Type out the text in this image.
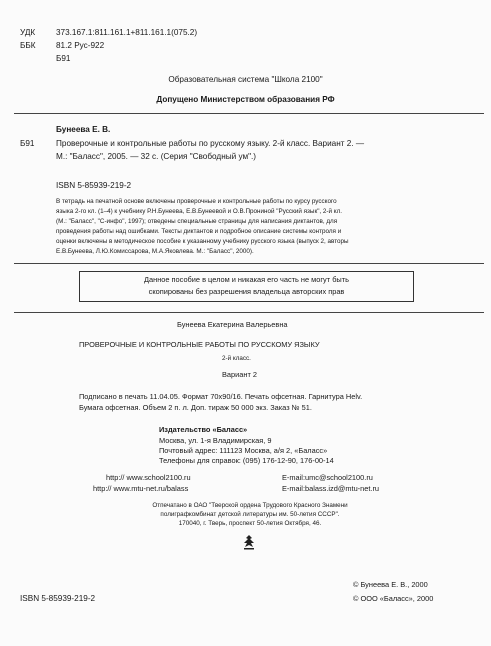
УДК	373.167.1:811.161.1+811.161.1(075.2)
ББК 81.2 Рус-922
Б91
Образовательная система "Школа 2100"
Допущено Министерством образования РФ
Бунеева Е. В.
Б91	Проверочные и контрольные работы по русскому языку. 2-й класс. Вариант 2. —
М.: "Баласс", 2005. — 32 с. (Серия "Свободный ум".)
ISBN 5-85939-219-2
В тетрадь на печатной основе включены проверочные и контрольные работы по курсу русского
языка 2-го кл. (1–4) к учебнику Р.Н.Бунеева, Е.В.Бунеевой и О.В.Прониной "Русский язык", 2-й кл.
(М.: "Баласс", "С-инфо", 1997); отведены специальные страницы для написания диктантов, для
проведения работы над ошибками. Тексты диктантов и подробное описание системы контроля и
оценки включены в методическое пособие к указанному учебнику русского языка (выпуск 2, авторы
Е.В.Бунеева, Л.Ю.Комиссарова, М.А.Яковлева. М.: "Баласс", 2000).
Данное пособие в целом и никакая его часть не могут быть
скопированы без разрешения владельца авторских прав
Бунеева Екатерина Валерьевна
ПРОВЕРОЧНЫЕ И КОНТРОЛЬНЫЕ РАБОТЫ ПО РУССКОМУ ЯЗЫКУ
2-й класс.
Вариант 2
Подписано в печать 11.04.05. Формат 70x90/16. Печать офсетная. Гарнитура Helv.
Бумага офсетная. Объем 2 п. л. Доп. тираж 50 000 экз. Заказ № 51.
Издательство «Баласс»
Москва, ул. 1-я Владимирская, 9
Почтовый адрес: 111123 Москва, а/я 2, «Баласс»
Телефоны для справок: (095) 176-12-90, 176-00-14
http:// www.school2100.ru	E-mail:umc@school2100.ru
http:// www.mtu-net.ru/balass	E-mail:balass.izd@mtu-net.ru
Отпечатано в ОАО "Тверской ордена Трудового Красного Знамени
полиграфкомбинат детской литературы им. 50-летия СССР".
170040, г. Тверь, проспект 50-летия Октября, 46.
ISBN 5-85939-219-2
© Бунеева Е. В., 2000
© ООО «Баласс», 2000
